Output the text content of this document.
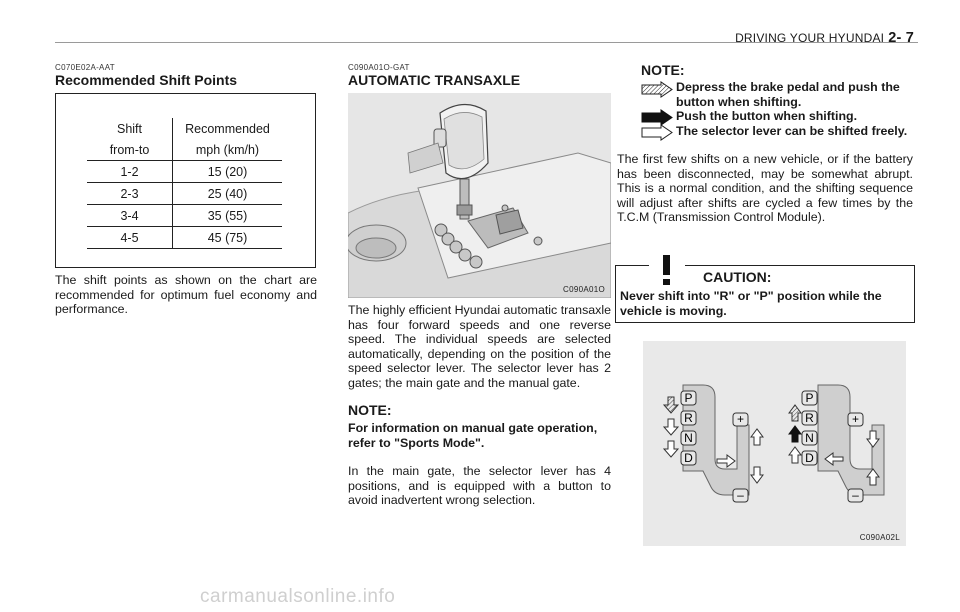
DRIVING YOUR HYUNDAI 2- 7
C070E02A-AAT
Recommended Shift Points
Shift	Recommended
from-to	mph (km/h)
1-2	15 (20)
2-3	25 (40)
3-4	35 (55)
4-5	45 (75)
The shift points as shown on the chart are recommended for optimum fuel economy and performance.
C090A01O-GAT
AUTOMATIC TRANSAXLE
C090A01O
The highly efficient Hyundai automatic transaxle has four forward speeds and one reverse speed. The individual speeds are selected automatically, depending on the position of the speed selector lever. The selector lever has 2 gates; the main gate and the manual gate.
NOTE:
For information on manual gate operation, refer to "Sports Mode".
In the main gate, the selector lever has 4 positions, and is equipped with a button to avoid inadvertent wrong selection.
NOTE:
Depress the brake pedal and push the button when shifting.
Push the button when shifting.
The selector lever can be shifted freely.
The first few shifts on a new vehicle, or if the battery has been disconnected, may be somewhat abrupt. This is a normal condition, and the shifting sequence will adjust after shifts are cycled a few times by the T.C.M (Transmission Control Module).
CAUTION:
Never shift into "R" or "P" position while the vehicle is moving.
P
R
N
D
+
–
P
R
N
D
+
–
C090A02L
carmanualsonline.info
